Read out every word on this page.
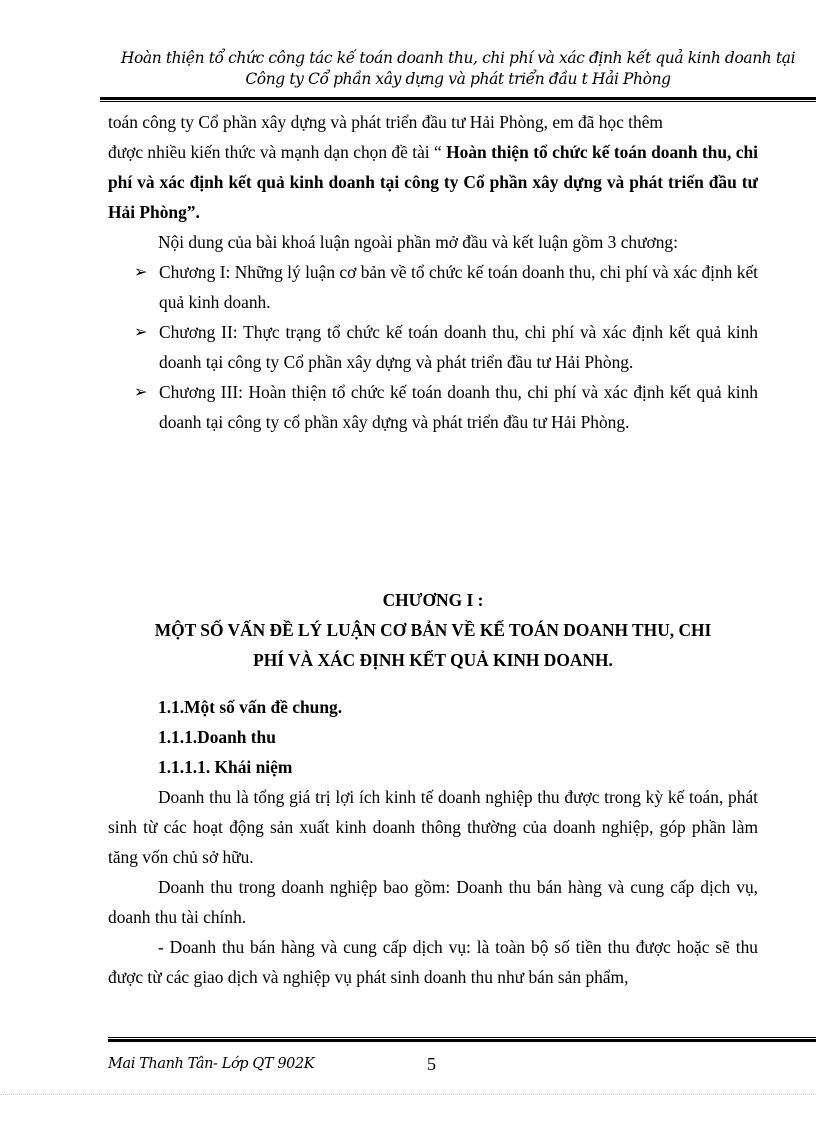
Hoàn thiện tổ chức công tác kế toán doanh thu, chi phí và xác định kết quả kinh doanh tại
Công ty Cổ phần xây dựng và phát triển đầu t Hải Phòng

toán công ty Cổ phần xây dựng và phát triển đầu tư Hải Phòng, em đã học thêm

được nhiều kiến thức và mạnh dạn chọn đề tài “ Hoàn thiện tổ chức kế toán doanh thu, chi phí và xác định kết quả kinh doanh tại công ty Cổ phần xây dựng và phát triển đầu tư Hải Phòng”.

Nội dung của bài khoá luận ngoài phần mở đầu và kết luận gồm 3 chương:

➢ Chương I: Những lý luận cơ bản về tổ chức kế toán doanh thu, chi phí và xác định kết quả kinh doanh.
➢ Chương II: Thực trạng tổ chức kế toán doanh thu, chi phí và xác định kết quả kinh doanh tại công ty Cổ phần xây dựng và phát triển đầu tư Hải Phòng.
➢ Chương III: Hoàn thiện tổ chức kế toán doanh thu, chi phí và xác định kết quả kinh doanh tại công ty cổ phần xây dựng và phát triển đầu tư Hải Phòng.
CHƯƠNG I :
MỘT SỐ VẤN ĐỀ LÝ LUẬN CƠ BẢN VỀ KẾ TOÁN DOANH THU, CHI
PHÍ VÀ XÁC ĐỊNH KẾT QUẢ KINH DOANH.

1.1.Một số vấn đề chung.

1.1.1.Doanh thu

1.1.1.1. Khái niệm

Doanh thu là tổng giá trị lợi ích kinh tế doanh nghiệp thu được trong kỳ kế toán, phát sinh từ các hoạt động sản xuất kinh doanh thông thường của doanh nghiệp, góp phần làm tăng vốn chủ sở hữu.

Doanh thu trong doanh nghiệp bao gồm: Doanh thu bán hàng và cung cấp dịch vụ, doanh thu tài chính.

- Doanh thu bán hàng và cung cấp dịch vụ: là toàn bộ số tiền thu được hoặc sẽ thu được từ các giao dịch và nghiệp vụ phát sinh doanh thu như bán sản phẩm,

Mai Thanh Tân- Lớp QT 902K	5
